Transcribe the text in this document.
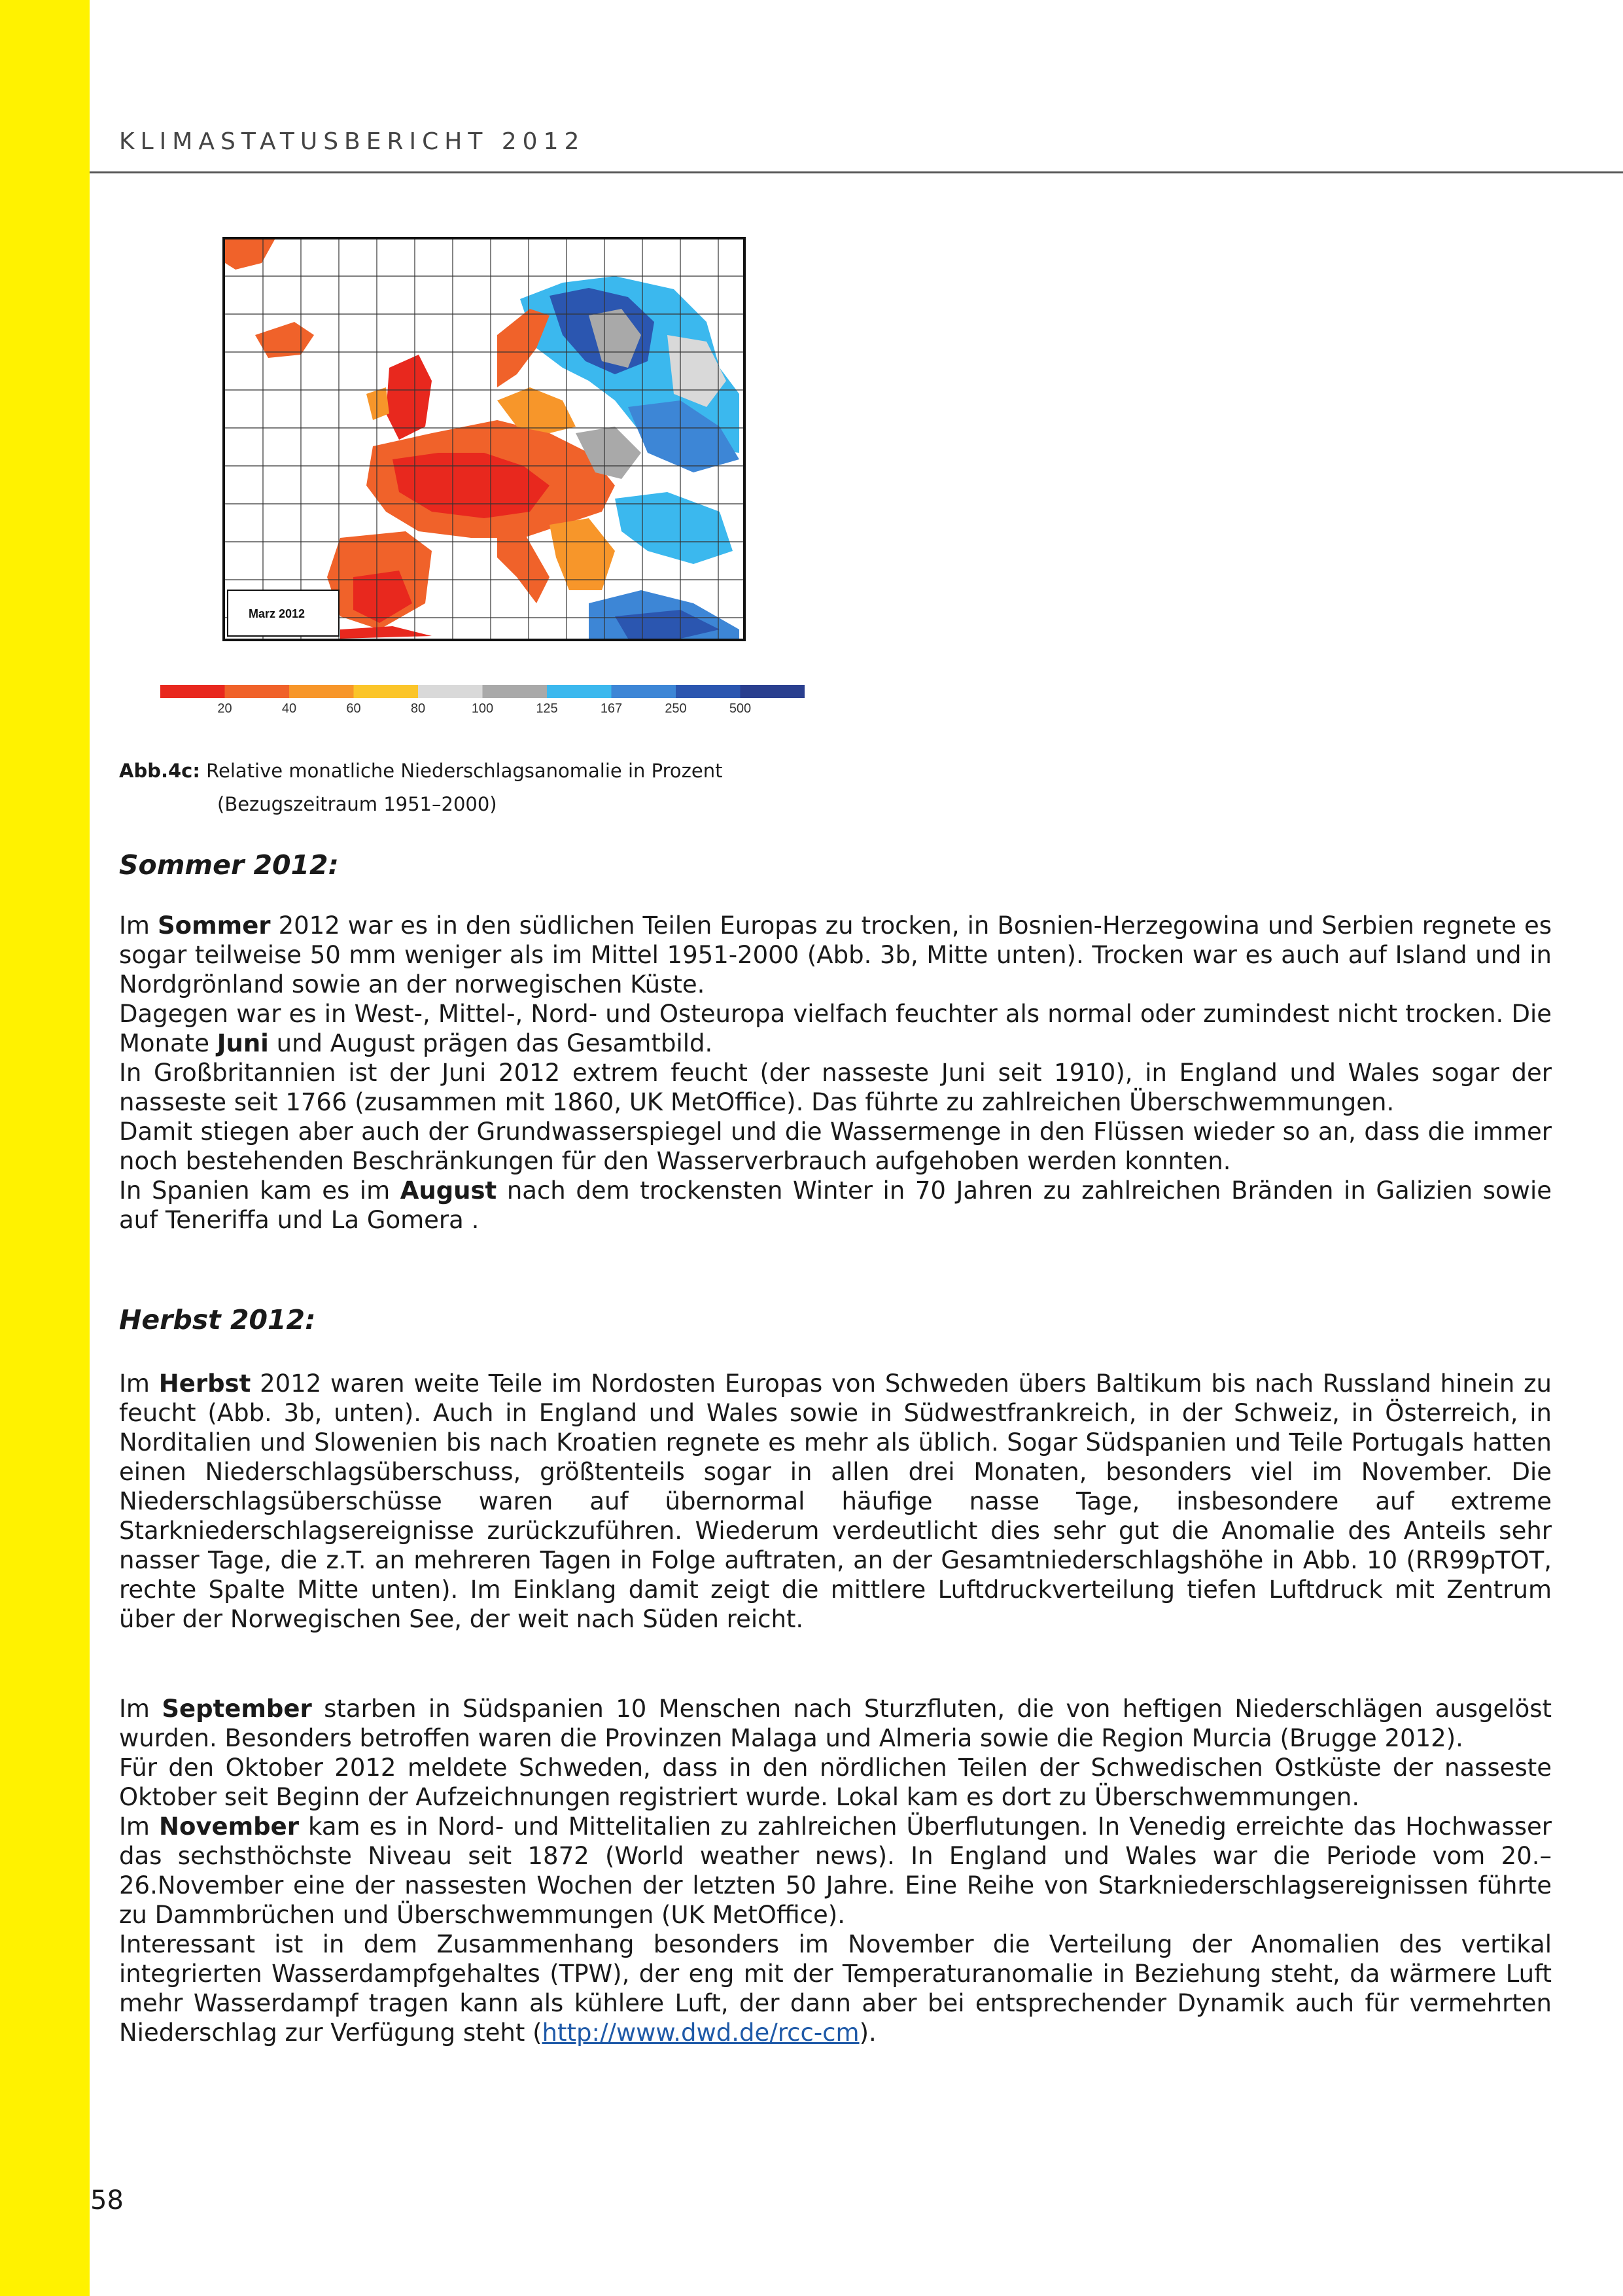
KLIMASTATUSBERICHT 2012
Marz 2012
20	40	60	80	100	125	167	250	500
Abb.4c: Relative monatliche Niederschlagsanomalie in Prozent
(Bezugszeitraum 1951–2000)
Sommer 2012:

Im Sommer 2012 war es in den südlichen Teilen Europas zu trocken, in Bosnien-Herzegowina und Serbien regnete es sogar teilweise 50 mm weniger als im Mittel 1951-2000 (Abb. 3b, Mitte unten). Trocken war es auch auf Island und in Nordgrönland sowie an der norwegischen Küste.

Dagegen war es in West-, Mittel-, Nord- und Osteuropa vielfach feuchter als normal oder zumindest nicht trocken. Die Monate Juni und August prägen das Gesamtbild.

In Großbritannien ist der Juni 2012 extrem feucht (der nasseste Juni seit 1910), in England und Wales sogar der nasseste seit 1766 (zusammen mit 1860, UK MetOffice). Das führte zu zahlreichen Überschwemmungen.

Damit stiegen aber auch der Grundwasserspiegel und die Wassermenge in den Flüssen wieder so an, dass die immer noch bestehenden Beschränkungen für den Wasserverbrauch aufgehoben werden konnten.

In Spanien kam es im August nach dem trockensten Winter in 70 Jahren zu zahlreichen Bränden in Galizien sowie auf Teneriffa und La Gomera .

Herbst 2012:

Im Herbst 2012 waren weite Teile im Nordosten Europas von Schweden übers Baltikum bis nach Russland hinein zu feucht (Abb. 3b, unten). Auch in England und Wales sowie in Südwestfrankreich, in der Schweiz, in Österreich, in Norditalien und Slowenien bis nach Kroatien regnete es mehr als üblich. Sogar Südspanien und Teile Portugals hatten einen Niederschlagsüberschuss, größtenteils sogar in allen drei Monaten, besonders viel im November. Die Niederschlagsüberschüsse waren auf übernormal häufige nasse Tage, insbesondere auf extreme Starkniederschlagsereignisse zurückzuführen. Wiederum verdeutlicht dies sehr gut die Anomalie des Anteils sehr nasser Tage, die z.T. an mehreren Tagen in Folge auftraten, an der Gesamtniederschlagshöhe in Abb. 10 (RR99pTOT, rechte Spalte Mitte unten). Im Einklang damit zeigt die mittlere Luftdruckverteilung tiefen Luftdruck mit Zentrum über der Norwegischen See, der weit nach Süden reicht.

Im September starben in Südspanien 10 Menschen nach Sturzfluten, die von heftigen Niederschlägen ausgelöst wurden. Besonders betroffen waren die Provinzen Malaga und Almeria sowie die Region Murcia (Brugge 2012).

Für den Oktober 2012 meldete Schweden, dass in den nördlichen Teilen der Schwedischen Ostküste der nasseste Oktober seit Beginn der Aufzeichnungen registriert wurde. Lokal kam es dort zu Überschwemmungen.

Im November kam es in Nord- und Mittelitalien zu zahlreichen Überflutungen. In Venedig erreichte das Hochwasser das sechsthöchste Niveau seit 1872 (World weather news). In England und Wales war die Periode vom 20.–26.November eine der nassesten Wochen der letzten 50 Jahre. Eine Reihe von Starkniederschlagsereignissen führte zu Dammbrüchen und Überschwemmungen (UK MetOffice).

Interessant ist in dem Zusammenhang besonders im November die Verteilung der Anomalien des vertikal integrierten Wasserdampfgehaltes (TPW), der eng mit der Temperaturanomalie in Beziehung steht, da wärmere Luft mehr Wasserdampf tragen kann als kühlere Luft, der dann aber bei entsprechender Dynamik auch für vermehrten Niederschlag zur Verfügung steht (http://www.dwd.de/rcc-cm).

58
